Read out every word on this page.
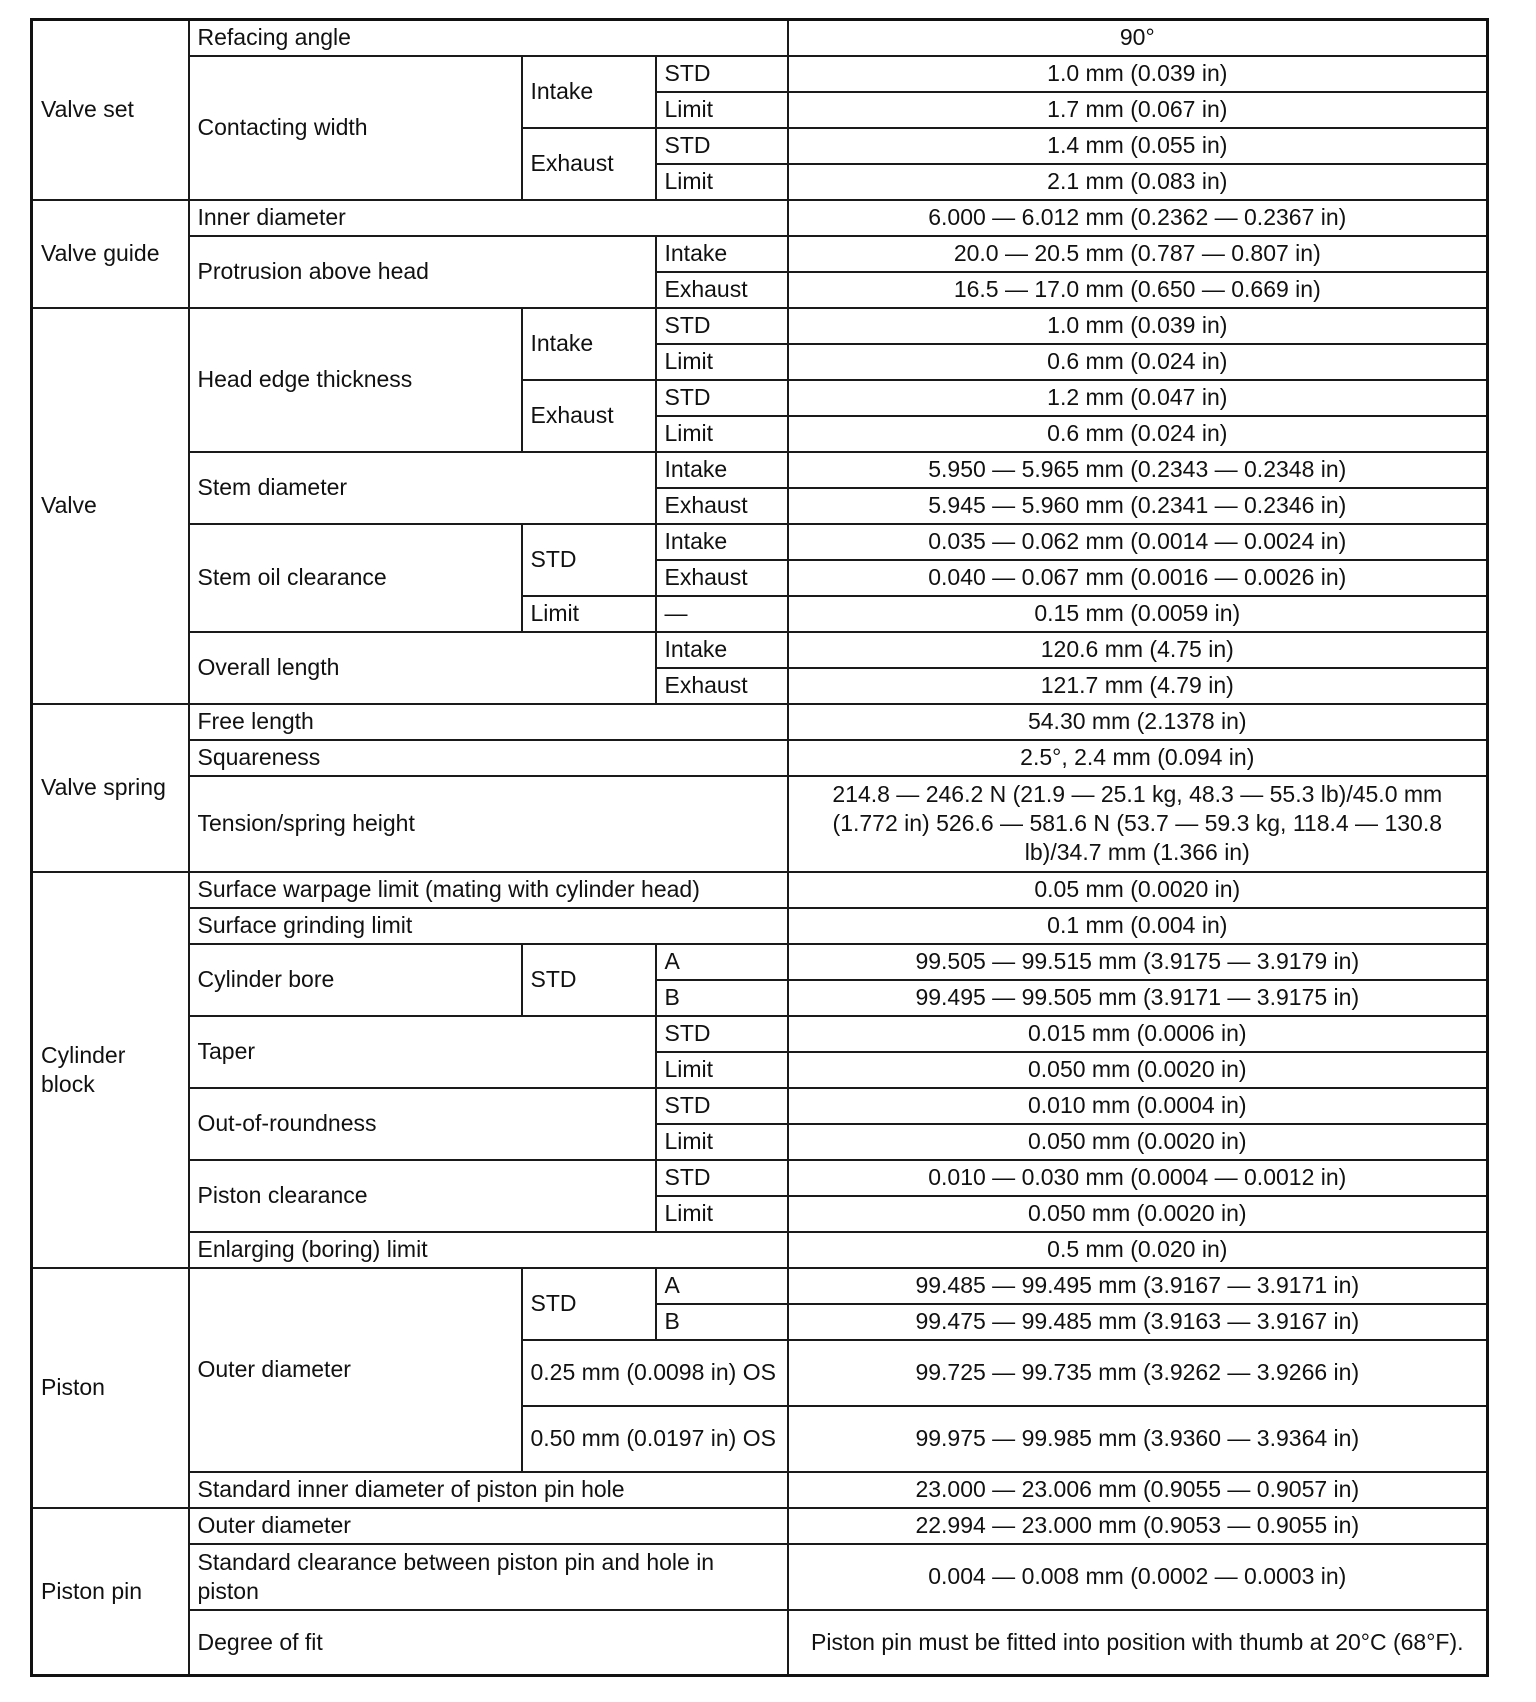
Valve set	Refacing angle			90°
	Contacting width	Intake	STD	1.0 mm (0.039 in)
			Limit	1.7 mm (0.067 in)
		Exhaust	STD	1.4 mm (0.055 in)
			Limit	2.1 mm (0.083 in)
Valve guide	Inner diameter			6.000 — 6.012 mm (0.2362 — 0.2367 in)
	Protrusion above head		Intake	20.0 — 20.5 mm (0.787 — 0.807 in)
			Exhaust	16.5 — 17.0 mm (0.650 — 0.669 in)
Valve	Head edge thickness	Intake	STD	1.0 mm (0.039 in)
			Limit	0.6 mm (0.024 in)
		Exhaust	STD	1.2 mm (0.047 in)
			Limit	0.6 mm (0.024 in)
	Stem diameter		Intake	5.950 — 5.965 mm (0.2343 — 0.2348 in)
			Exhaust	5.945 — 5.960 mm (0.2341 — 0.2346 in)
	Stem oil clearance	STD	Intake	0.035 — 0.062 mm (0.0014 — 0.0024 in)
			Exhaust	0.040 — 0.067 mm (0.0016 — 0.0026 in)
		Limit	—	0.15 mm (0.0059 in)
	Overall length		Intake	120.6 mm (4.75 in)
			Exhaust	121.7 mm (4.79 in)
Valve spring	Free length			54.30 mm (2.1378 in)
	Squareness			2.5°, 2.4 mm (0.094 in)
	Tension/spring height			214.8 — 246.2 N (21.9 — 25.1 kg, 48.3 — 55.3 lb)/45.0 mm (1.772 in) 526.6 — 581.6 N (53.7 — 59.3 kg, 118.4 — 130.8 lb)/34.7 mm (1.366 in)
Cylinder block	Surface warpage limit (mating with cylinder head)			0.05 mm (0.0020 in)
	Surface grinding limit			0.1 mm (0.004 in)
	Cylinder bore	STD	A	99.505 — 99.515 mm (3.9175 — 3.9179 in)
			B	99.495 — 99.505 mm (3.9171 — 3.9175 in)
	Taper		STD	0.015 mm (0.0006 in)
			Limit	0.050 mm (0.0020 in)
	Out-of-roundness		STD	0.010 mm (0.0004 in)
			Limit	0.050 mm (0.0020 in)
	Piston clearance		STD	0.010 — 0.030 mm (0.0004 — 0.0012 in)
			Limit	0.050 mm (0.0020 in)
	Enlarging (boring) limit			0.5 mm (0.020 in)
Piston	Outer diameter	STD	A	99.485 — 99.495 mm (3.9167 — 3.9171 in)
			B	99.475 — 99.485 mm (3.9163 — 3.9167 in)
		0.25 mm (0.0098 in) OS		99.725 — 99.735 mm (3.9262 — 3.9266 in)
		0.50 mm (0.0197 in) OS		99.975 — 99.985 mm (3.9360 — 3.9364 in)
	Standard inner diameter of piston pin hole			23.000 — 23.006 mm (0.9055 — 0.9057 in)
Piston pin	Outer diameter			22.994 — 23.000 mm (0.9053 — 0.9055 in)
	Standard clearance between piston pin and hole in piston			0.004 — 0.008 mm (0.0002 — 0.0003 in)
	Degree of fit			Piston pin must be fitted into position with thumb at 20°C (68°F).
